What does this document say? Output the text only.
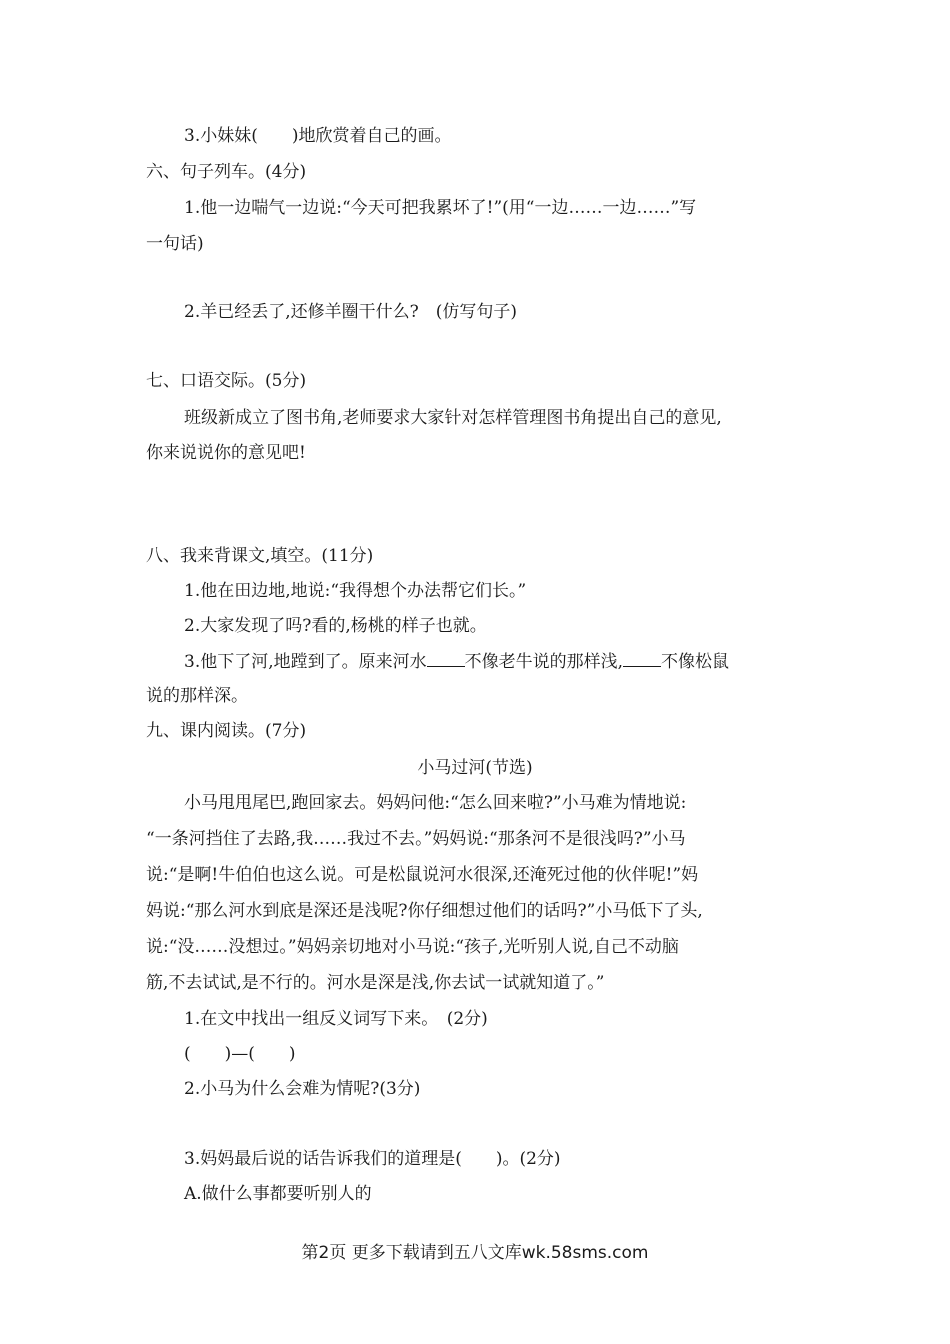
3.小妹妹(　　)地欣赏着自己的画。
六、句子列车。(4分)
1.他一边喘气一边说:“今天可把我累坏了!”(用“一边……一边……”写
一句话)
2.羊已经丢了,还修羊圈干什么?　(仿写句子)
七、口语交际。(5分)
班级新成立了图书角,老师要求大家针对怎样管理图书角提出自己的意见,
你来说说你的意见吧!
八、我来背课文,填空。(11分)
1.他在田边地,地说:“我得想个办法帮它们长。”
2.大家发现了吗?看的,杨桃的样子也就。
3.他下了河,地蹚到了。原来河水 不像老牛说的那样浅, 不像松鼠
说的那样深。
九、课内阅读。(7分)
小马过河(节选)
小马甩甩尾巴,跑回家去。妈妈问他:“怎么回来啦?”小马难为情地说:
“一条河挡住了去路,我……我过不去。”妈妈说:“那条河不是很浅吗?”小马
说:“是啊!牛伯伯也这么说。可是松鼠说河水很深,还淹死过他的伙伴呢!”妈
妈说:“那么河水到底是深还是浅呢?你仔细想过他们的话吗?”小马低下了头,
说:“没……没想过。”妈妈亲切地对小马说:“孩子,光听别人说,自己不动脑
筋,不去试试,是不行的。河水是深是浅,你去试一试就知道了。”
1.在文中找出一组反义词写下来。　(2分)
(　　)—(　　)
2.小马为什么会难为情呢?(3分)
3.妈妈最后说的话告诉我们的道理是(　　)。(2分)
A.做什么事都要听别人的
第2页 更多下载请到五八文库wk.58sms.com
